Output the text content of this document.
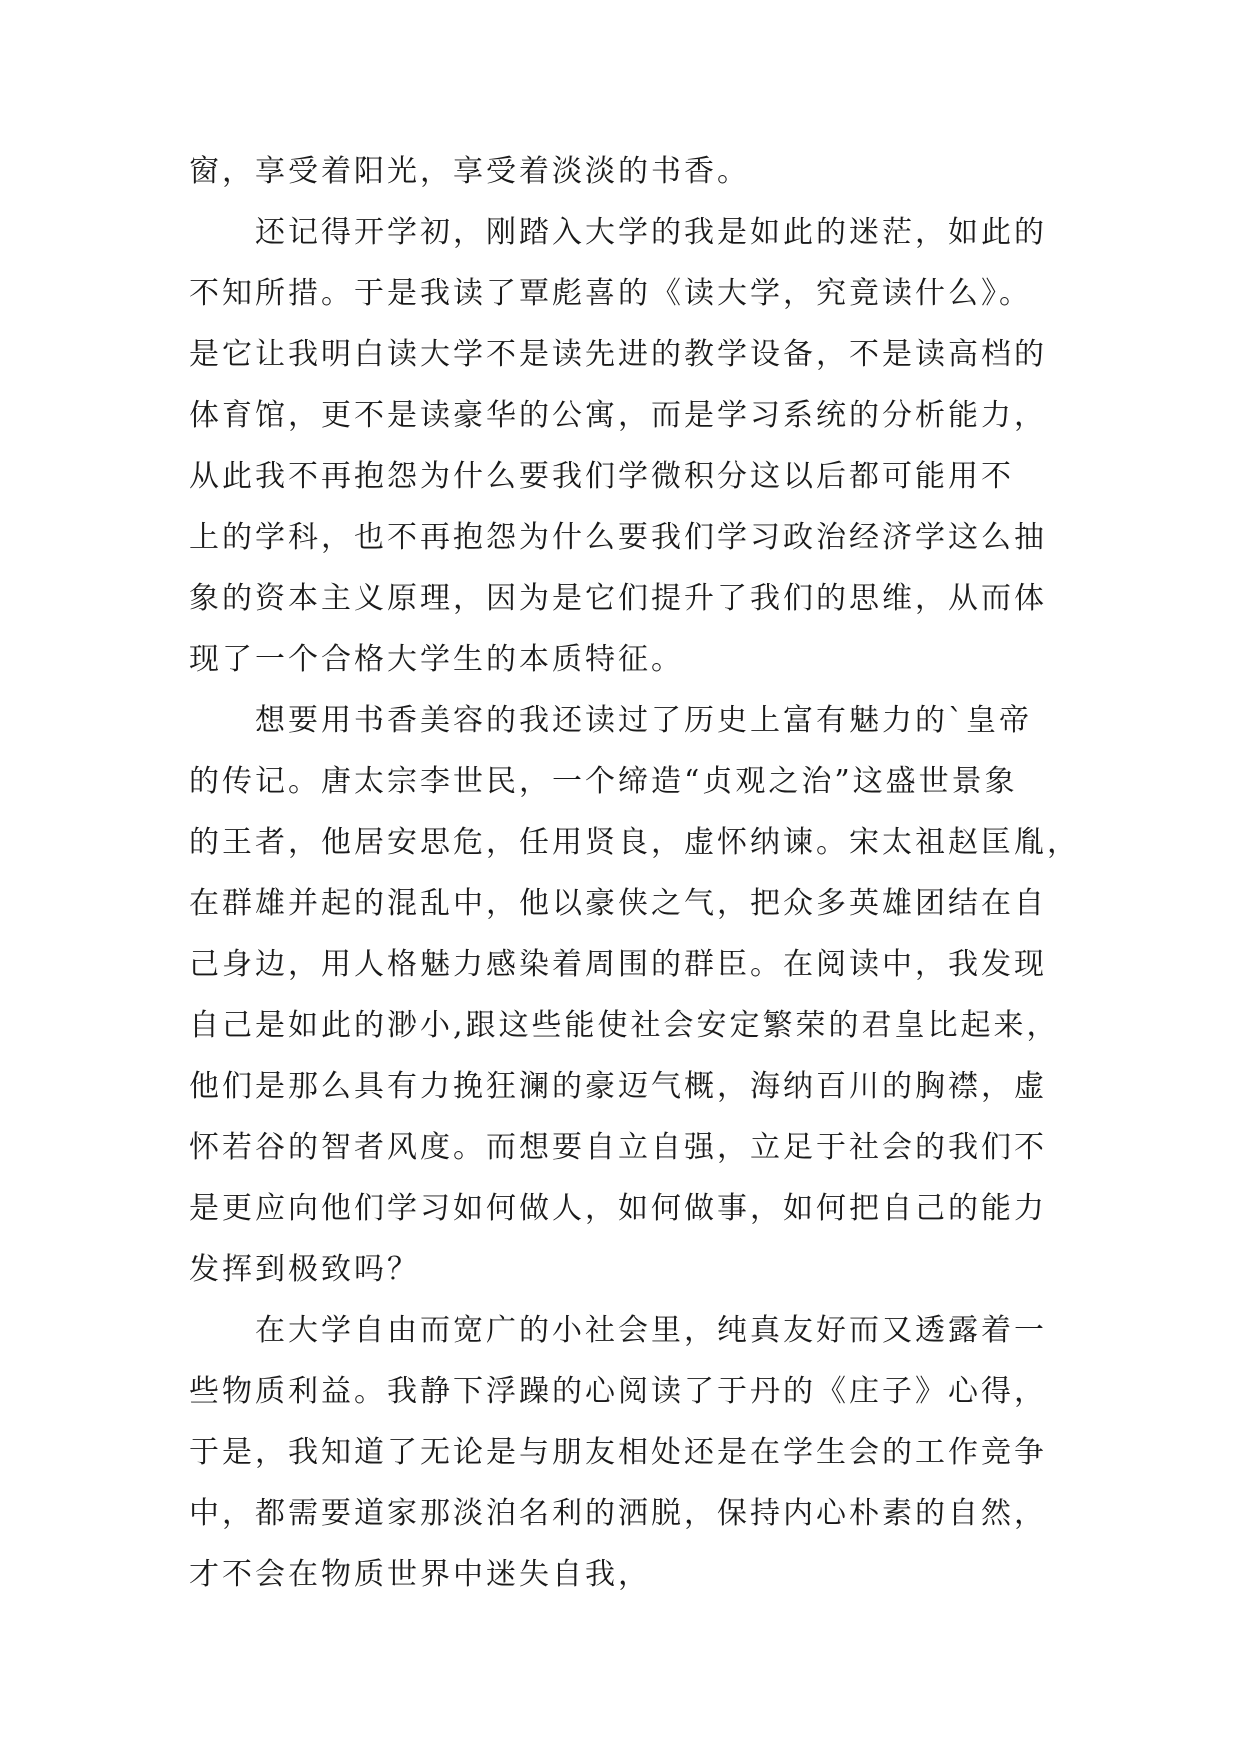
窗，享受着阳光，享受着淡淡的书香。
　　还记得开学初，刚踏入大学的我是如此的迷茫，如此的
不知所措。于是我读了覃彪喜的《读大学，究竟读什么》。
是它让我明白读大学不是读先进的教学设备，不是读高档的
体育馆，更不是读豪华的公寓，而是学习系统的分析能力，
从此我不再抱怨为什么要我们学微积分这以后都可能用不
上的学科，也不再抱怨为什么要我们学习政治经济学这么抽
象的资本主义原理，因为是它们提升了我们的思维，从而体
现了一个合格大学生的本质特征。
　　想要用书香美容的我还读过了历史上富有魅力的`皇帝
的传记。唐太宗李世民，一个缔造“贞观之治”这盛世景象
的王者，他居安思危，任用贤良，虚怀纳谏。宋太祖赵匡胤，
在群雄并起的混乱中，他以豪侠之气，把众多英雄团结在自
己身边，用人格魅力感染着周围的群臣。在阅读中，我发现
自己是如此的渺小,跟这些能使社会安定繁荣的君皇比起来，
他们是那么具有力挽狂澜的豪迈气概，海纳百川的胸襟，虚
怀若谷的智者风度。而想要自立自强，立足于社会的我们不
是更应向他们学习如何做人，如何做事，如何把自己的能力
发挥到极致吗？
　　在大学自由而宽广的小社会里，纯真友好而又透露着一
些物质利益。我静下浮躁的心阅读了于丹的《庄子》心得，
于是，我知道了无论是与朋友相处还是在学生会的工作竞争
中，都需要道家那淡泊名利的洒脱，保持内心朴素的自然，
才不会在物质世界中迷失自我，
